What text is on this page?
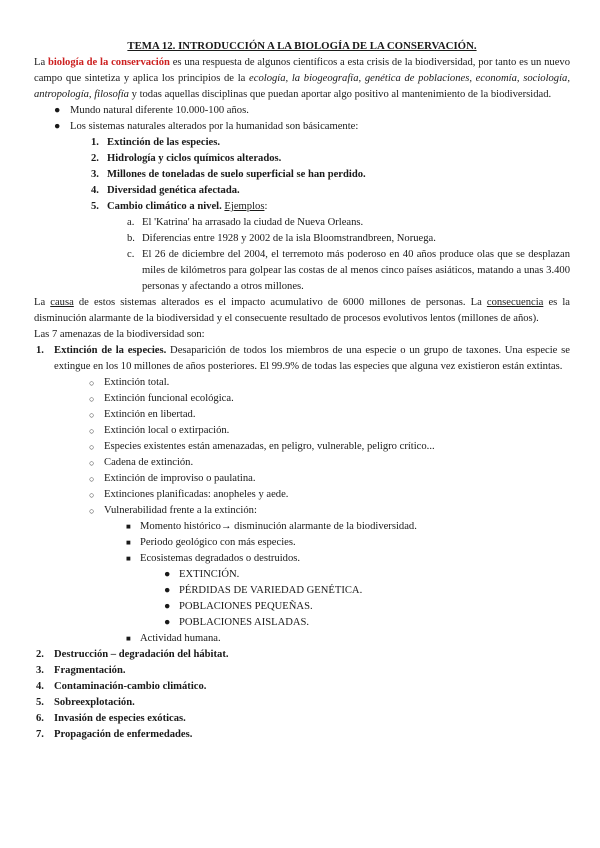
TEMA 12. INTRODUCCIÓN A LA BIOLOGÍA DE LA CONSERVACIÓN.

La biología de la conservación es una respuesta de algunos científicos a esta crisis de la biodiversidad, por tanto es un nuevo campo que sintetiza y aplica los principios de la ecología, la biogeografía, genética de poblaciones, economía, sociología, antropología, filosofía y todas aquellas disciplinas que puedan aportar algo positivo al mantenimiento de la biodiversidad.

● Mundo natural diferente 10.000-100 años.
● Los sistemas naturales alterados por la humanidad son básicamente:
1. Extinción de las especies.
2. Hidrología y ciclos químicos alterados.
3. Millones de toneladas de suelo superficial se han perdido.
4. Diversidad genética afectada.
5. Cambio climático a nivel. Ejemplos:
a. El 'Katrina' ha arrasado la ciudad de Nueva Orleans.
b. Diferencias entre 1928 y 2002 de la isla Bloomstrandbreen, Noruega.
c. El 26 de diciembre del 2004, el terremoto más poderoso en 40 años produce olas que se desplazan miles de kilómetros para golpear las costas de al menos cinco países asiáticos, matando a unas 3.400 personas y afectando a otros millones.

La causa de estos sistemas alterados es el impacto acumulativo de 6000 millones de personas. La consecuencia es la disminución alarmante de la biodiversidad y el consecuente resultado de procesos evolutivos lentos (millones de años).

Las 7 amenazas de la biodiversidad son:

1. Extinción de la especies. Desaparición de todos los miembros de una especie o un grupo de taxones. Una especie se extingue en los 10 millones de años posteriores. El 99.9% de todas las especies que alguna vez existieron están extintas.
○ Extinción total.
○ Extinción funcional ecológica.
○ Extinción en libertad.
○ Extinción local o extirpación.
○ Especies existentes están amenazadas, en peligro, vulnerable, peligro crítico...
○ Cadena de extinción.
○ Extinción de improviso o paulatina.
○ Extinciones planificadas: anopheles y aede.
○ Vulnerabilidad frente a la extinción:
■ Momento histórico→ disminución alarmante de la biodiversidad.
■ Periodo geológico con más especies.
■ Ecosistemas degradados o destruidos.
● EXTINCIÓN.
● PÉRDIDAS DE VARIEDAD GENÉTICA.
● POBLACIONES PEQUEÑAS.
● POBLACIONES AISLADAS.
■ Actividad humana.
2. Destrucción – degradación del hábitat.
3. Fragmentación.
4. Contaminación-cambio climático.
5. Sobreexplotación.
6. Invasión de especies exóticas.
7. Propagación de enfermedades.
